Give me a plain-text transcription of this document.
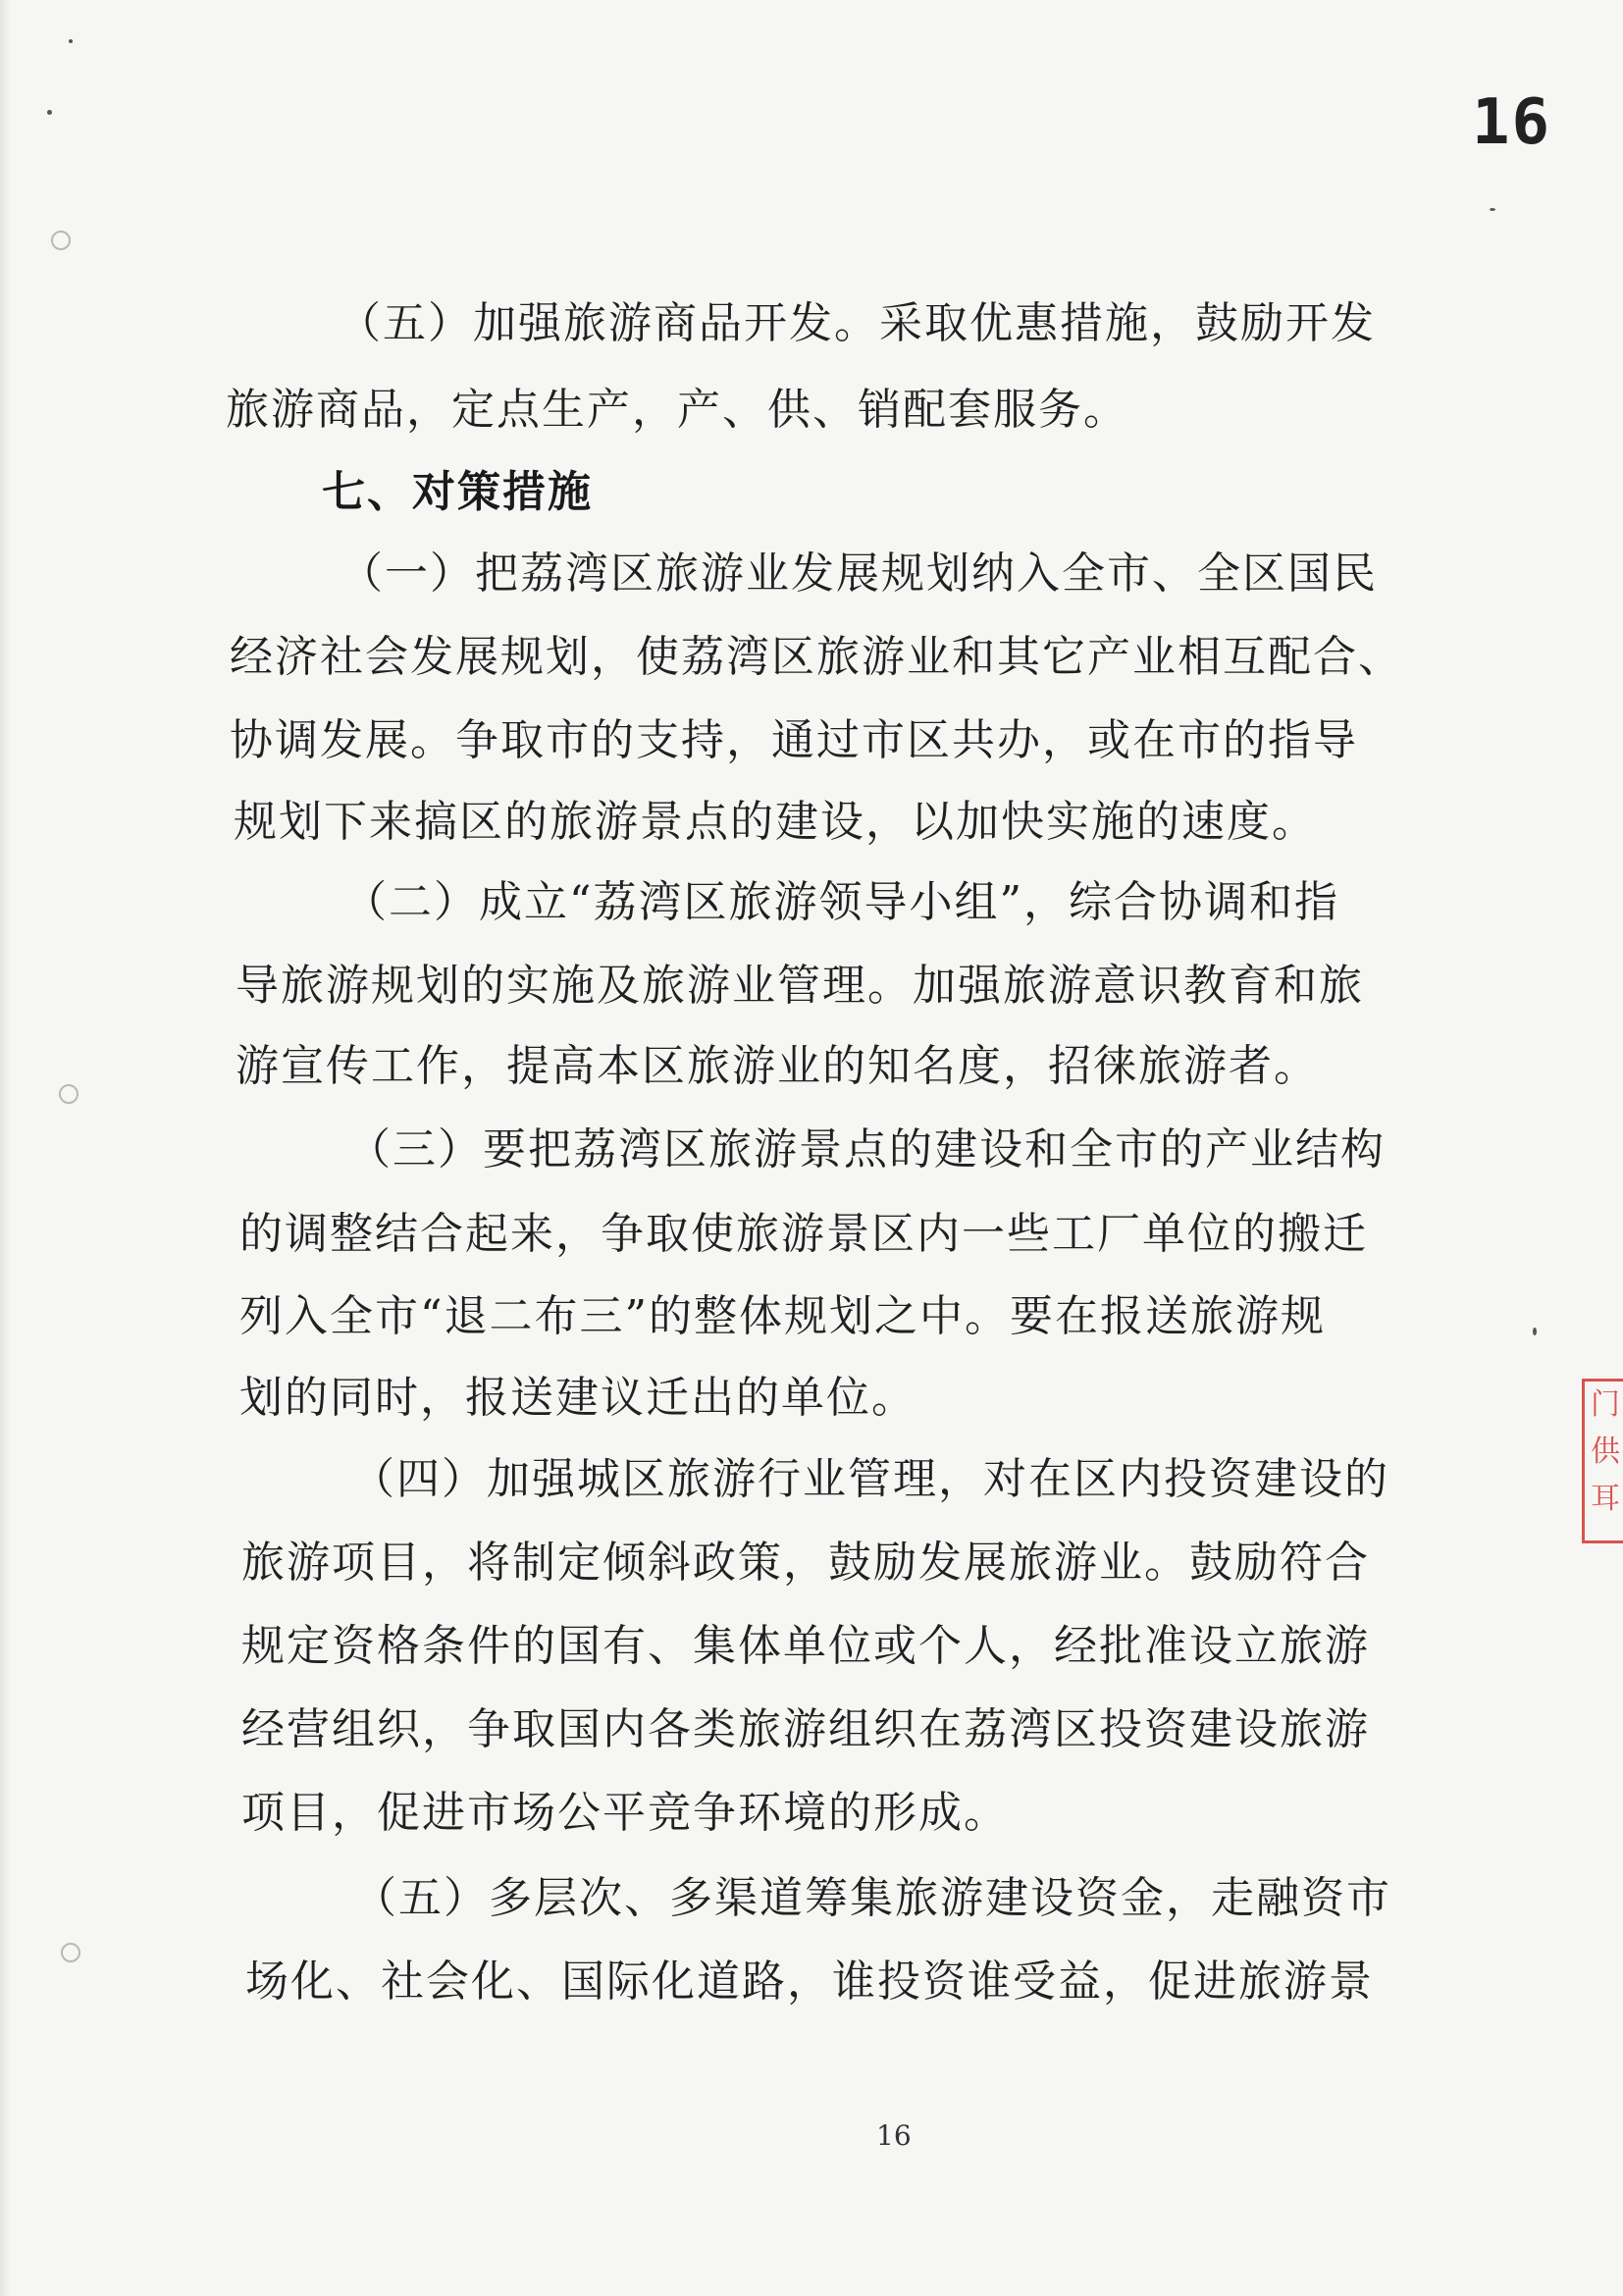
16
（五）加强旅游商品开发。采取优惠措施，鼓励开发
旅游商品，定点生产，产、供、销配套服务。
七、对策措施
（一）把荔湾区旅游业发展规划纳入全市、全区国民
经济社会发展规划，使荔湾区旅游业和其它产业相互配合、
协调发展。争取市的支持，通过市区共办，或在市的指导
规划下来搞区的旅游景点的建设，以加快实施的速度。
（二）成立“荔湾区旅游领导小组”，综合协调和指
导旅游规划的实施及旅游业管理。加强旅游意识教育和旅
游宣传工作，提高本区旅游业的知名度，招徕旅游者。
（三）要把荔湾区旅游景点的建设和全市的产业结构
的调整结合起来，争取使旅游景区内一些工厂单位的搬迁
列入全市“退二布三”的整体规划之中。要在报送旅游规
划的同时，报送建议迁出的单位。
（四）加强城区旅游行业管理，对在区内投资建设的
旅游项目，将制定倾斜政策，鼓励发展旅游业。鼓励符合
规定资格条件的国有、集体单位或个人，经批准设立旅游
经营组织，争取国内各类旅游组织在荔湾区投资建设旅游
项目，促进市场公平竞争环境的形成。
（五）多层次、多渠道筹集旅游建设资金，走融资市
场化、社会化、国际化道路，谁投资谁受益，促进旅游景
16
门
供
耳
